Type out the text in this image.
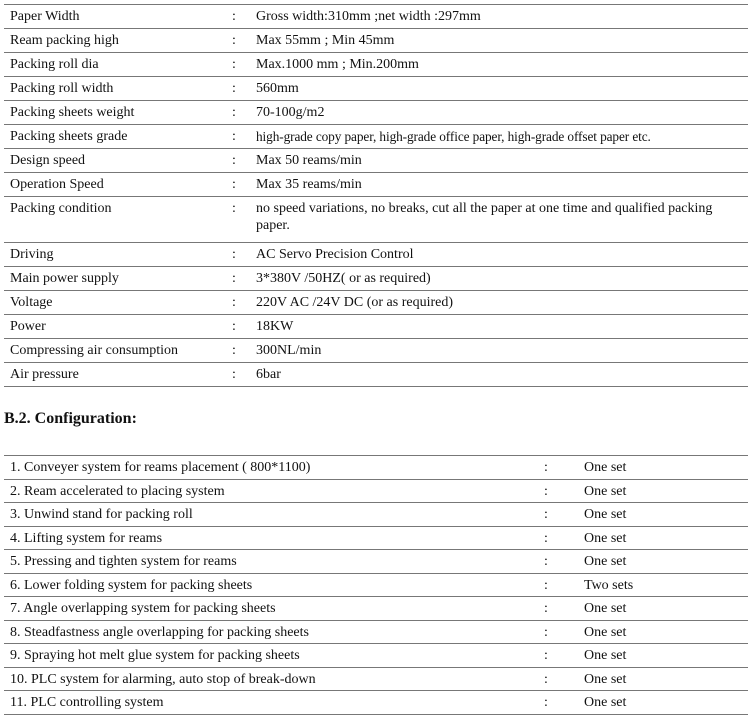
Paper Width	:	Gross width:310mm ;net width :297mm
Ream packing high	:	Max 55mm ; Min 45mm
Packing roll dia	:	Max.1000 mm ; Min.200mm
Packing roll width	:	560mm
Packing sheets weight	:	70-100g/m2
Packing sheets grade	:	high-grade copy paper, high-grade office paper, high-grade offset paper etc.
Design speed	:	Max 50 reams/min
Operation Speed	:	Max 35 reams/min
Packing condition	:	no speed variations, no breaks, cut all the paper at one time and qualified packing paper.
Driving	:	AC Servo Precision Control
Main power supply	:	3*380V /50HZ( or as required)
Voltage	:	220V AC /24V DC (or as required)
Power	:	18KW
Compressing air consumption	:	300NL/min
Air pressure	:	6bar
B.2. Configuration:
1. Conveyer system for reams placement ( 800*1100)	:	One set
2. Ream accelerated to placing system	:	One set
3. Unwind stand for packing roll	:	One set
4. Lifting system for reams	:	One set
5. Pressing and tighten system for reams	:	One set
6. Lower folding system for packing sheets	:	Two sets
7. Angle overlapping system for packing sheets	:	One set
8. Steadfastness angle overlapping for packing sheets	:	One set
9. Spraying hot melt glue system for packing sheets	:	One set
10. PLC system for alarming, auto stop of break-down	:	One set
11. PLC controlling system	:	One set
